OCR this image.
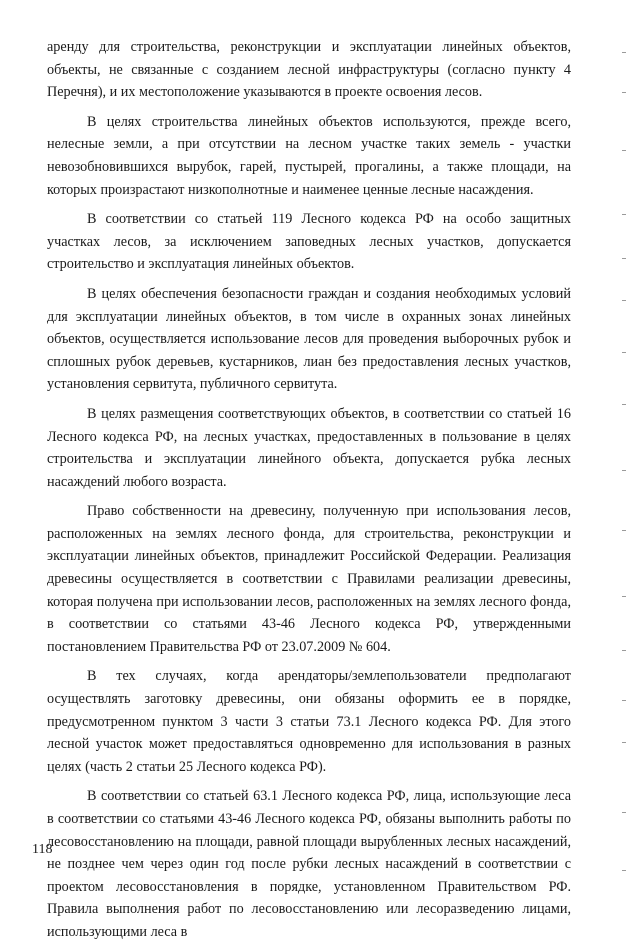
аренду для строительства, реконструкции и эксплуатации линейных объектов, объекты, не связанные с созданием лесной инфраструктуры (согласно пункту 4 Перечня), и их местоположение указываются в проекте освоения лесов.

В целях строительства линейных объектов используются, прежде всего, нелесные земли, а при отсутствии на лесном участке таких земель - участки невозобновившихся вырубок, гарей, пустырей, прогалины, а также площади, на которых произрастают низкополнотные и наименее ценные лесные насаждения.

В соответствии со статьей 119 Лесного кодекса РФ на особо защитных участках лесов, за исключением заповедных лесных участков, допускается строительство и эксплуатация линейных объектов.

В целях обеспечения безопасности граждан и создания необходимых условий для эксплуатации линейных объектов, в том числе в охранных зонах линейных объектов, осуществляется использование лесов для проведения выборочных рубок и сплошных рубок деревьев, кустарников, лиан без предоставления лесных участков, установления сервитута, публичного сервитута.

В целях размещения соответствующих объектов, в соответствии со статьей 16 Лесного кодекса РФ, на лесных участках, предоставленных в пользование в целях строительства и эксплуатации линейного объекта, допускается рубка лесных насаждений любого возраста.

Право собственности на древесину, полученную при использования лесов, расположенных на землях лесного фонда, для строительства, реконструкции и эксплуатации линейных объектов, принадлежит Российской Федерации. Реализация древесины осуществляется в соответствии с Правилами реализации древесины, которая получена при использовании лесов, расположенных на землях лесного фонда, в соответствии со статьями 43-46 Лесного кодекса РФ, утвержденными постановлением Правительства РФ от 23.07.2009 № 604.

В тех случаях, когда арендаторы/землепользователи предполагают осуществлять заготовку древесины, они обязаны оформить ее в порядке, предусмотренном пунктом 3 части 3 статьи 73.1 Лесного кодекса РФ. Для этого лесной участок может предоставляться одновременно для использования в разных целях (часть 2 статьи 25 Лесного кодекса РФ).

В соответствии со статьей 63.1 Лесного кодекса РФ, лица, использующие леса в соответствии со статьями 43-46 Лесного кодекса РФ, обязаны выполнить работы по лесовосстановлению на площади, равной площади вырубленных лесных насаждений, не позднее чем через один год после рубки лесных насаждений в соответствии с проектом лесовосстановления в порядке, установленном Правительством РФ. Правила выполнения работ по лесовосстановлению или лесоразведению лицами, использующими леса в

118
